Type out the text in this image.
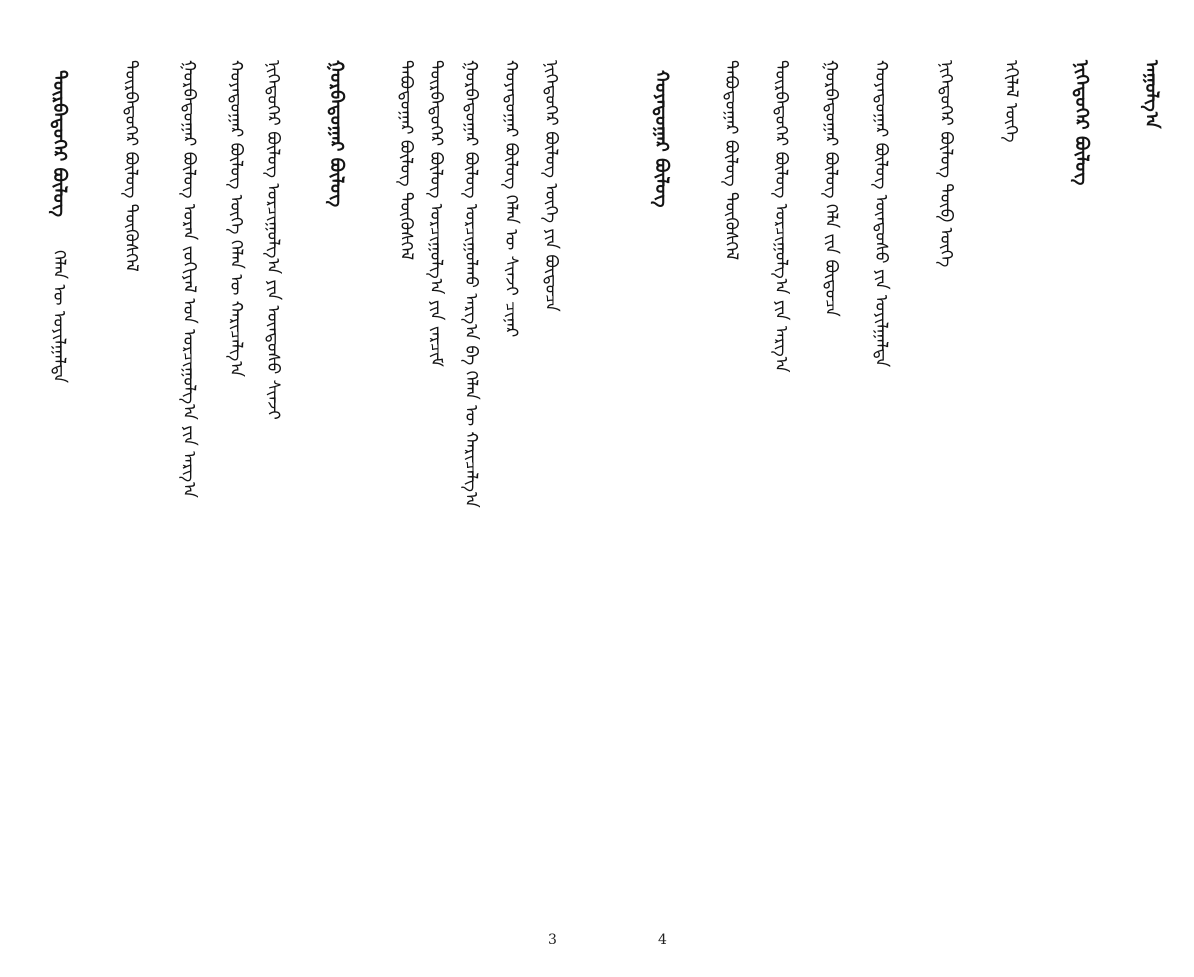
ᠠᠭᠤᠯᠭ᠎ᠠ
ᠨᠢᠭᠡᠳᠦᠭᠡᠷ ᠪᠦᠯᠦᠭ
ᠡᠬᠢᠯᠡᠯ ᠦᠭᠡ
ᠨᠢᠭᠡᠳᠦᠭᠡᠷ ᠪᠦᠯᠦᠭ ᠲᠥᠪ ᠦᠭᠡ
ᠬᠣᠶᠠᠳᠤᠭᠠᠷ ᠪᠦᠯᠦᠭ ᠦᠨᠳᠦᠰᠦ ᠶᠢᠨ ᠣᠶᠢᠯᠭᠠᠯᠲᠠ
ᠭᠤᠷᠪᠠᠳᠤᠭᠠᠷ ᠪᠦᠯᠦᠭ ᠬᠡᠯᠡ ᠵᠢᠨ ᠪᠦᠲᠦᠴᠡ
ᠳᠥᠷᠪᠡᠳᠦᠭᠡᠷ ᠪᠦᠯᠦᠭ ᠣᠷᠴᠢᠭᠤᠯᠭ᠎ᠠ ᠶᠢᠨ ᠠᠷᠭ᠎ᠠ
ᠲᠠᠪᠤᠳᠤᠭᠠᠷ ᠪᠦᠯᠦᠭ ᠳᠦᠭᠦᠰᠬᠡᠯ
ᠬᠣᠶᠠᠳᠤᠭᠠᠷ ᠪᠦᠯᠦᠭ
ᠨᠢᠭᠡᠳᠦᠭᠡᠷ ᠪᠦᠯᠦᠭ ᠦᠭᠡ ᠶᠢᠨ ᠪᠦᠲᠦᠴᠡ
ᠬᠣᠶᠠᠳᠤᠭᠠᠷ ᠪᠦᠯᠦᠭ ᠬᠡᠯᠡᠨ ᠦ ᠰᠢᠨᠵᠢ ᠴᠢᠨᠠᠷ
ᠭᠤᠷᠪᠠᠳᠤᠭᠠᠷ ᠪᠦᠯᠦᠭ ᠣᠷᠴᠢᠭᠤᠯᠬᠤ ᠠᠷᠭ᠎ᠠ ᠪᠠ ᠬᠡᠯᠡᠨ ᠦ ᠬᠠᠷᠢᠴᠠᠯᠭ᠎ᠠ
ᠳᠥᠷᠪᠡᠳᠦᠭᠡᠷ ᠪᠦᠯᠦᠭ ᠣᠷᠴᠢᠭᠤᠯᠭ᠎ᠠ ᠶᠢᠨ ᠵᠠᠷᠴᠢᠮ
ᠲᠠᠪᠤᠳᠤᠭᠠᠷ ᠪᠦᠯᠦᠭ ᠳᠦᠭᠦᠰᠬᠡᠯ
ᠭᠤᠷᠪᠠᠳᠤᠭᠠᠷ ᠪᠦᠯᠦᠭ
ᠨᠢᠭᠡᠳᠦᠭᠡᠷ ᠪᠦᠯᠦᠭ ᠣᠷᠴᠢᠭᠤᠯᠭ᠎ᠠ ᠶᠢᠨ ᠦᠨᠳᠦᠰᠦ ᠰᠢᠨᠵᠢ
ᠬᠣᠶᠠᠳᠤᠭᠠᠷ ᠪᠦᠯᠦᠭ ᠦᠭᠡ ᠬᠡᠯᠡᠨ ᠦ ᠬᠠᠷᠢᠴᠠᠯᠭ᠎ᠠ
ᠭᠤᠷᠪᠠᠳᠤᠭᠠᠷ ᠪᠦᠯᠦᠭ ᠤᠷᠠᠨ ᠵᠣᠬᠢᠶᠠᠯ ᠤᠨ ᠣᠷᠴᠢᠭᠤᠯᠭ᠎ᠠ ᠶᠢᠨ ᠠᠷᠭ᠎ᠠ
ᠳᠥᠷᠪᠡᠳᠦᠭᠡᠷ ᠪᠦᠯᠦᠭ ᠳᠦᠭᠦᠰᠬᠡᠯ
ᠳᠥᠷᠪᠡᠳᠦᠭᠡᠷ ᠪᠦᠯᠦᠭ
ᠬᠡᠯᠡᠨ ᠦ ᠣᠶᠢᠯᠭᠠᠯᠲᠠ
3	4
